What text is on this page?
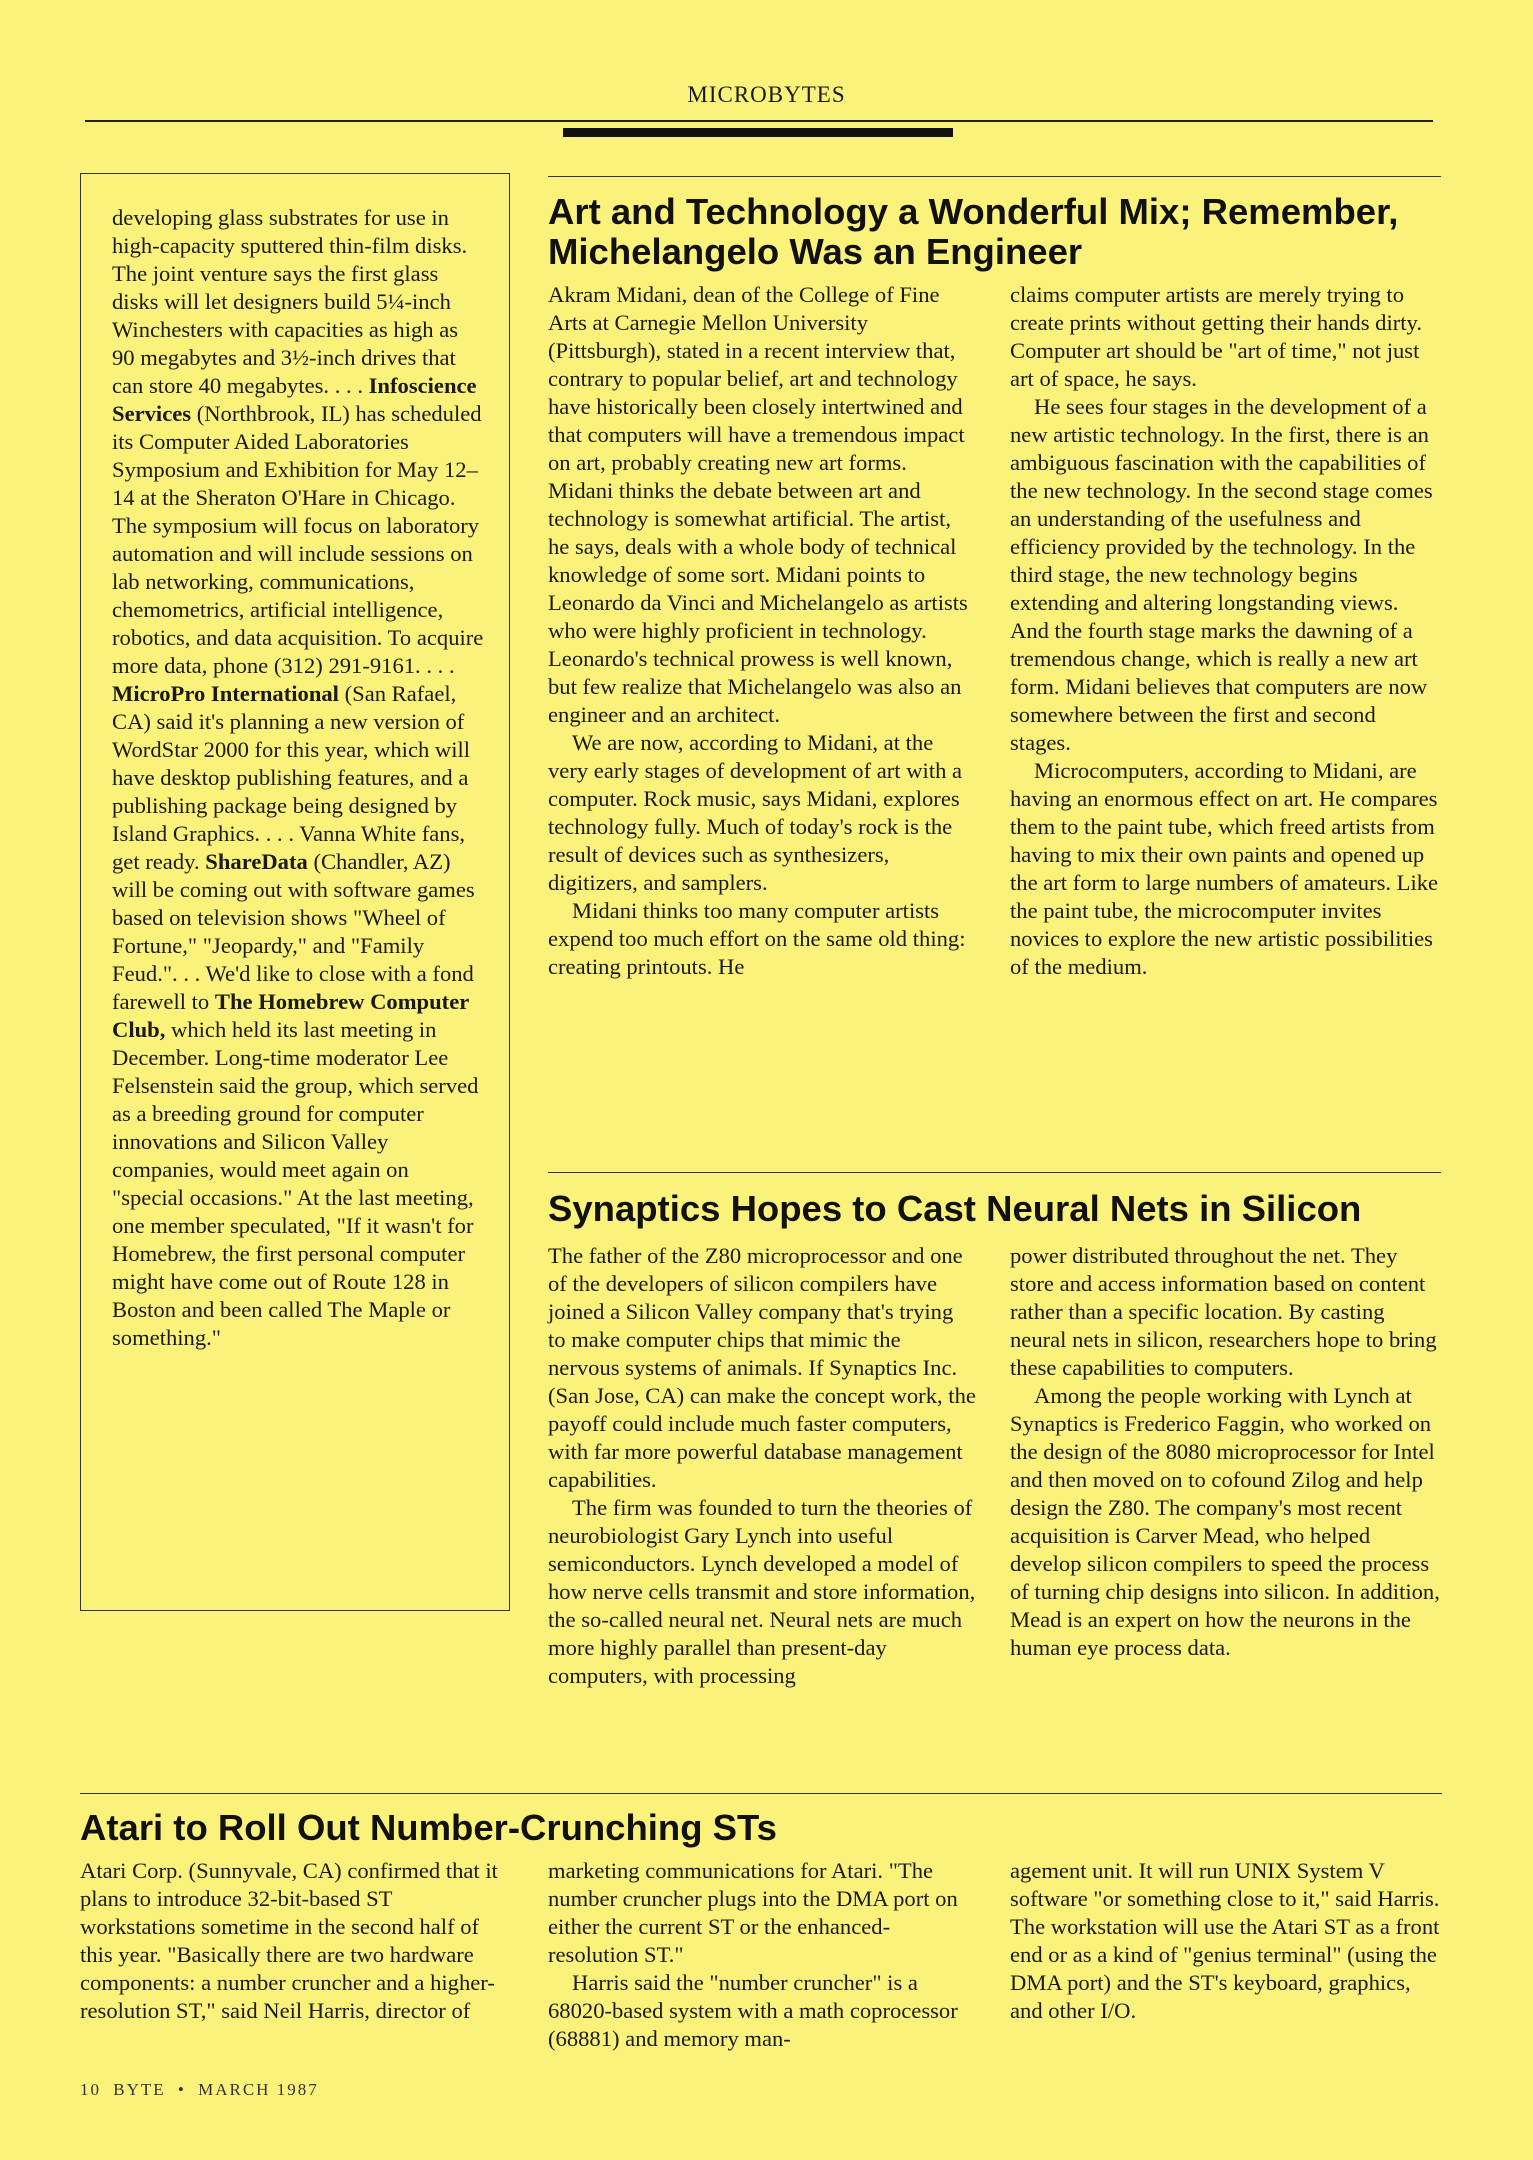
MICROBYTES

developing glass substrates for use in high-capacity sputtered thin-film disks. The joint venture says the first glass disks will let designers build 5¼-inch Winchesters with capacities as high as 90 megabytes and 3½-inch drives that can store 40 megabytes. . . . Infoscience Services (Northbrook, IL) has scheduled its Computer Aided Laboratories Symposium and Exhibition for May 12–14 at the Sheraton O'Hare in Chicago. The symposium will focus on laboratory automation and will include sessions on lab networking, communications, chemometrics, artificial intelligence, robotics, and data acquisition. To acquire more data, phone (312) 291-9161. . . . MicroPro International (San Rafael, CA) said it's planning a new version of WordStar 2000 for this year, which will have desktop publishing features, and a publishing package being designed by Island Graphics. . . . Vanna White fans, get ready. ShareData (Chandler, AZ) will be coming out with software games based on television shows "Wheel of Fortune," "Jeopardy," and "Family Feud.". . . We'd like to close with a fond farewell to The Homebrew Computer Club, which held its last meeting in December. Long-time moderator Lee Felsenstein said the group, which served as a breeding ground for computer innovations and Silicon Valley companies, would meet again on "special occasions." At the last meeting, one member speculated, "If it wasn't for Homebrew, the first personal computer might have come out of Route 128 in Boston and been called The Maple or something."

Art and Technology a Wonderful Mix; Remember, Michelangelo Was an Engineer

Akram Midani, dean of the College of Fine Arts at Carnegie Mellon University (Pittsburgh), stated in a recent interview that, contrary to popular belief, art and technology have historically been closely intertwined and that computers will have a tremendous impact on art, probably creating new art forms. Midani thinks the debate between art and technology is somewhat artificial. The artist, he says, deals with a whole body of technical knowledge of some sort. Midani points to Leonardo da Vinci and Michelangelo as artists who were highly proficient in technology. Leonardo's technical prowess is well known, but few realize that Michelangelo was also an engineer and an architect.

We are now, according to Midani, at the very early stages of development of art with a computer. Rock music, says Midani, explores technology fully. Much of today's rock is the result of devices such as synthesizers, digitizers, and samplers.

Midani thinks too many computer artists expend too much effort on the same old thing: creating printouts. He

claims computer artists are merely trying to create prints without getting their hands dirty. Computer art should be "art of time," not just art of space, he says.

He sees four stages in the development of a new artistic technology. In the first, there is an ambiguous fascination with the capabilities of the new technology. In the second stage comes an understanding of the usefulness and efficiency provided by the technology. In the third stage, the new technology begins extending and altering longstanding views. And the fourth stage marks the dawning of a tremendous change, which is really a new art form. Midani believes that computers are now somewhere between the first and second stages.

Microcomputers, according to Midani, are having an enormous effect on art. He compares them to the paint tube, which freed artists from having to mix their own paints and opened up the art form to large numbers of amateurs. Like the paint tube, the microcomputer invites novices to explore the new artistic possibilities of the medium.

Synaptics Hopes to Cast Neural Nets in Silicon

The father of the Z80 microprocessor and one of the developers of silicon compilers have joined a Silicon Valley company that's trying to make computer chips that mimic the nervous systems of animals. If Synaptics Inc. (San Jose, CA) can make the concept work, the payoff could include much faster computers, with far more powerful database management capabilities.

The firm was founded to turn the theories of neurobiologist Gary Lynch into useful semiconductors. Lynch developed a model of how nerve cells transmit and store information, the so-called neural net. Neural nets are much more highly parallel than present-day computers, with processing

power distributed throughout the net. They store and access information based on content rather than a specific location. By casting neural nets in silicon, researchers hope to bring these capabilities to computers.

Among the people working with Lynch at Synaptics is Frederico Faggin, who worked on the design of the 8080 microprocessor for Intel and then moved on to cofound Zilog and help design the Z80. The company's most recent acquisition is Carver Mead, who helped develop silicon compilers to speed the process of turning chip designs into silicon. In addition, Mead is an expert on how the neurons in the human eye process data.

Atari to Roll Out Number-Crunching STs

Atari Corp. (Sunnyvale, CA) confirmed that it plans to introduce 32-bit-based ST workstations sometime in the second half of this year. "Basically there are two hardware components: a number cruncher and a higher-resolution ST," said Neil Harris, director of

marketing communications for Atari. "The number cruncher plugs into the DMA port on either the current ST or the enhanced-resolution ST."

Harris said the "number cruncher" is a 68020-based system with a math coprocessor (68881) and memory man-

agement unit. It will run UNIX System V software "or something close to it," said Harris. The workstation will use the Atari ST as a front end or as a kind of "genius terminal" (using the DMA port) and the ST's keyboard, graphics, and other I/O.

10 BYTE • MARCH 1987
